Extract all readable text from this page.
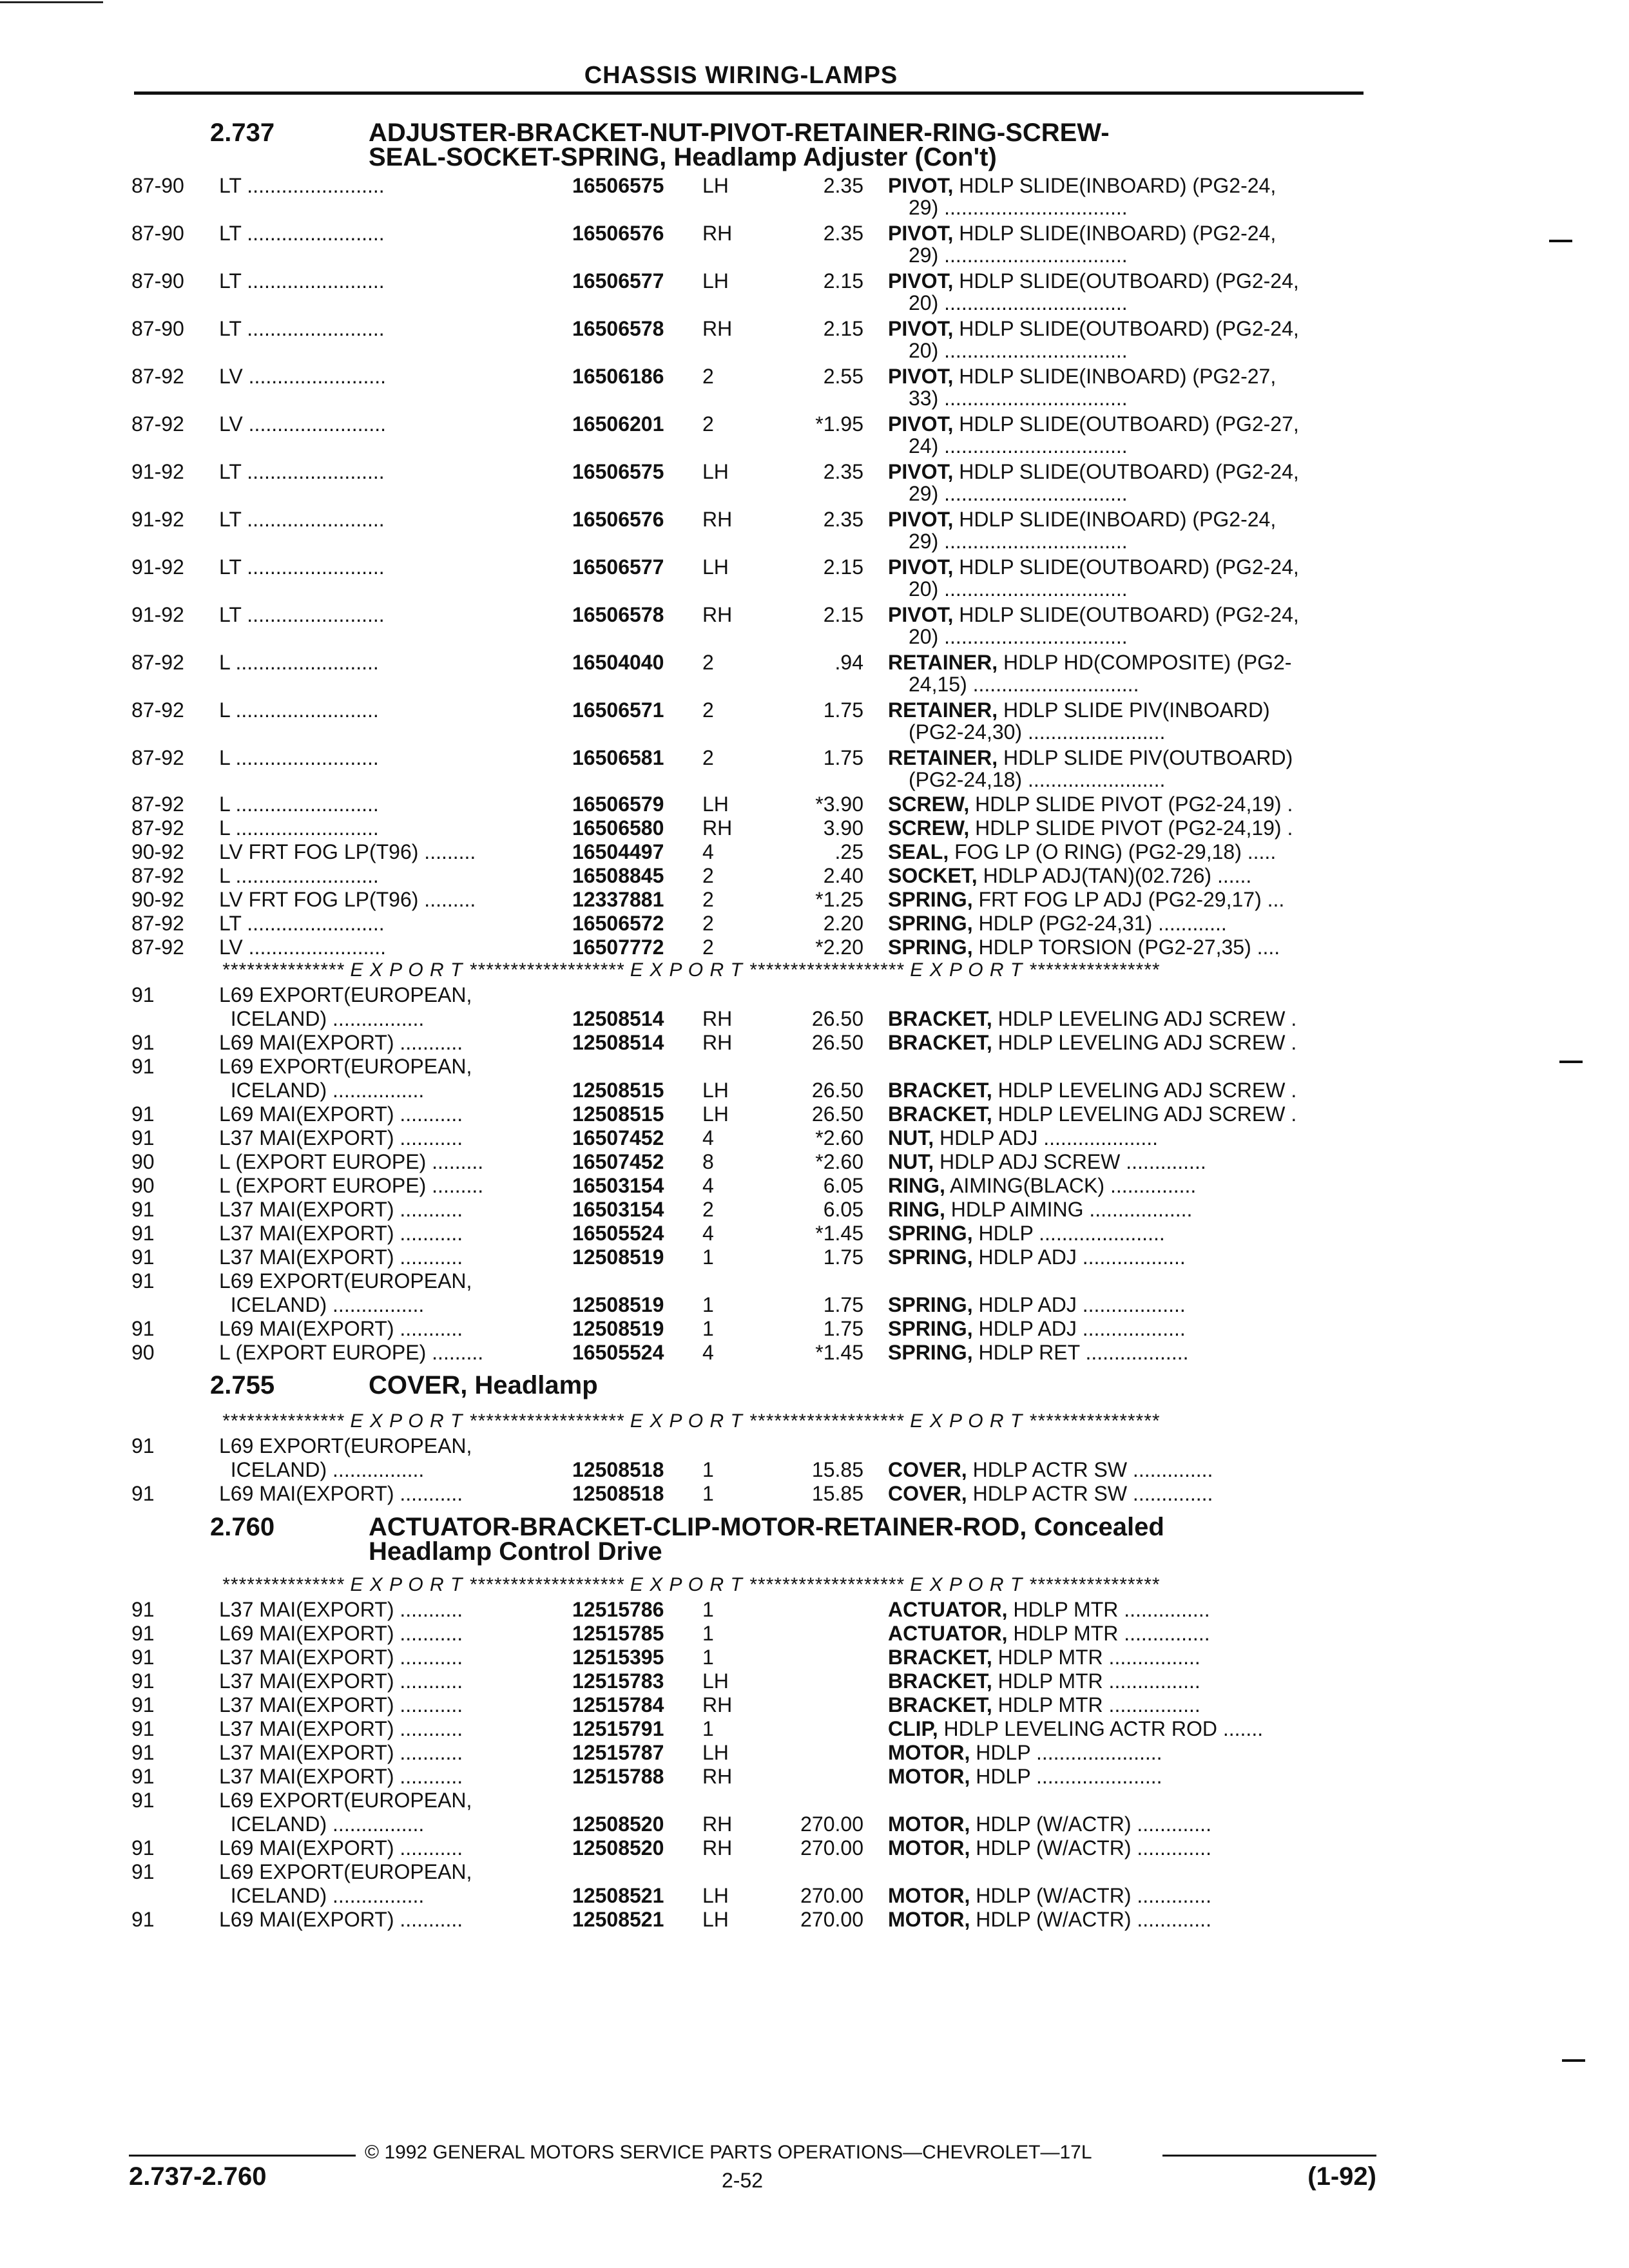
CHASSIS WIRING-LAMPS
2.737	ADJUSTER-BRACKET-NUT-PIVOT-RETAINER-RING-SCREW-
SEAL-SOCKET-SPRING, Headlamp Adjuster (Con't)
87-90 LT ........................	16506575 LH	2.35 PIVOT, HDLP SLIDE(INBOARD) (PG2-24,
29) ................................
87-90 LT ........................	16506576 RH	2.35 PIVOT, HDLP SLIDE(INBOARD) (PG2-24,
29) ................................
87-90 LT ........................	16506577 LH	2.15 PIVOT, HDLP SLIDE(OUTBOARD) (PG2-24,
20) ................................
87-90 LT ........................	16506578 RH	2.15 PIVOT, HDLP SLIDE(OUTBOARD) (PG2-24,
20) ................................
87-92 LV ........................	16506186 2	2.55 PIVOT, HDLP SLIDE(INBOARD) (PG2-27,
33) ................................
87-92 LV ........................	16506201 2	*1.95 PIVOT, HDLP SLIDE(OUTBOARD) (PG2-27,
24) ................................
91-92 LT ........................	16506575 LH	2.35 PIVOT, HDLP SLIDE(OUTBOARD) (PG2-24,
29) ................................
91-92 LT ........................	16506576 RH	2.35 PIVOT, HDLP SLIDE(INBOARD) (PG2-24,
29) ................................
91-92 LT ........................	16506577 LH	2.15 PIVOT, HDLP SLIDE(OUTBOARD) (PG2-24,
20) ................................
91-92 LT ........................	16506578 RH	2.15 PIVOT, HDLP SLIDE(OUTBOARD) (PG2-24,
20) ................................
87-92 L .........................	16504040 2	.94 RETAINER, HDLP HD(COMPOSITE) (PG2-
24,15) .............................
87-92 L .........................	16506571 2	1.75 RETAINER, HDLP SLIDE PIV(INBOARD)
(PG2-24,30) ........................
87-92 L .........................	16506581 2	1.75 RETAINER, HDLP SLIDE PIV(OUTBOARD)
(PG2-24,18) ........................
87-92 L .........................	16506579 LH	*3.90 SCREW, HDLP SLIDE PIVOT (PG2-24,19) .
87-92 L .........................	16506580 RH	3.90 SCREW, HDLP SLIDE PIVOT (PG2-24,19) .
90-92 LV FRT FOG LP(T96) .........	16504497 4	.25 SEAL, FOG LP (O RING) (PG2-29,18) .....
87-92 L .........................	16508845 2	2.40 SOCKET, HDLP ADJ(TAN)(02.726) ......
90-92 LV FRT FOG LP(T96) .........	12337881 2	*1.25 SPRING, FRT FOG LP ADJ (PG2-29,17) ...
87-92 LT ........................	16506572 2	2.20 SPRING, HDLP (PG2-24,31) ............
87-92 LV ........................	16507772 2	*2.20 SPRING, HDLP TORSION (PG2-27,35) ....
*************** E X P O R T ******************* E X P O R T ******************* E X P O R T ****************
91	L69 EXPORT(EUROPEAN,
ICELAND) ................	12508514 RH	26.50 BRACKET, HDLP LEVELING ADJ SCREW .
91	L69 MAI(EXPORT) ...........	12508514 RH	26.50 BRACKET, HDLP LEVELING ADJ SCREW .
91	L69 EXPORT(EUROPEAN,
ICELAND) ................	12508515 LH	26.50 BRACKET, HDLP LEVELING ADJ SCREW .
91	L69 MAI(EXPORT) ...........	12508515 LH	26.50 BRACKET, HDLP LEVELING ADJ SCREW .
91	L37 MAI(EXPORT) ...........	16507452 4	*2.60 NUT, HDLP ADJ ....................
90	L (EXPORT EUROPE) .........	16507452 8	*2.60 NUT, HDLP ADJ SCREW ..............
90	L (EXPORT EUROPE) .........	16503154 4	6.05 RING, AIMING(BLACK) ...............
91	L37 MAI(EXPORT) ...........	16503154 2	6.05 RING, HDLP AIMING ..................
91	L37 MAI(EXPORT) ...........	16505524 4	*1.45 SPRING, HDLP ......................
91	L37 MAI(EXPORT) ...........	12508519 1	1.75 SPRING, HDLP ADJ ..................
91	L69 EXPORT(EUROPEAN,
ICELAND) ................	12508519 1	1.75 SPRING, HDLP ADJ ..................
91	L69 MAI(EXPORT) ...........	12508519 1	1.75 SPRING, HDLP ADJ ..................
90	L (EXPORT EUROPE) .........	16505524 4	*1.45 SPRING, HDLP RET ..................
2.755	COVER, Headlamp
*************** E X P O R T ******************* E X P O R T ******************* E X P O R T ****************
91	L69 EXPORT(EUROPEAN,
ICELAND) ................	12508518 1	15.85 COVER, HDLP ACTR SW ..............
91	L69 MAI(EXPORT) ...........	12508518 1	15.85 COVER, HDLP ACTR SW ..............
2.760	ACTUATOR-BRACKET-CLIP-MOTOR-RETAINER-ROD, Concealed
Headlamp Control Drive
*************** E X P O R T ******************* E X P O R T ******************* E X P O R T ****************
91	L37 MAI(EXPORT) ...........	12515786 1	ACTUATOR, HDLP MTR ...............
91	L69 MAI(EXPORT) ...........	12515785 1	ACTUATOR, HDLP MTR ...............
91	L37 MAI(EXPORT) ...........	12515395 1	BRACKET, HDLP MTR ................
91	L37 MAI(EXPORT) ...........	12515783 LH	BRACKET, HDLP MTR ................
91	L37 MAI(EXPORT) ...........	12515784 RH	BRACKET, HDLP MTR ................
91	L37 MAI(EXPORT) ...........	12515791 1	CLIP, HDLP LEVELING ACTR ROD .......
91	L37 MAI(EXPORT) ...........	12515787 LH	MOTOR, HDLP ......................
91	L37 MAI(EXPORT) ...........	12515788 RH	MOTOR, HDLP ......................
91	L69 EXPORT(EUROPEAN,
ICELAND) ................	12508520 RH	270.00 MOTOR, HDLP (W/ACTR) .............
91	L69 MAI(EXPORT) ...........	12508520 RH	270.00 MOTOR, HDLP (W/ACTR) .............
91	L69 EXPORT(EUROPEAN,
ICELAND) ................	12508521 LH	270.00 MOTOR, HDLP (W/ACTR) .............
91	L69 MAI(EXPORT) ...........	12508521 LH	270.00 MOTOR, HDLP (W/ACTR) .............
© 1992 GENERAL MOTORS SERVICE PARTS OPERATIONS—CHEVROLET—17L
2.737-2.760	2-52	(1-92)
